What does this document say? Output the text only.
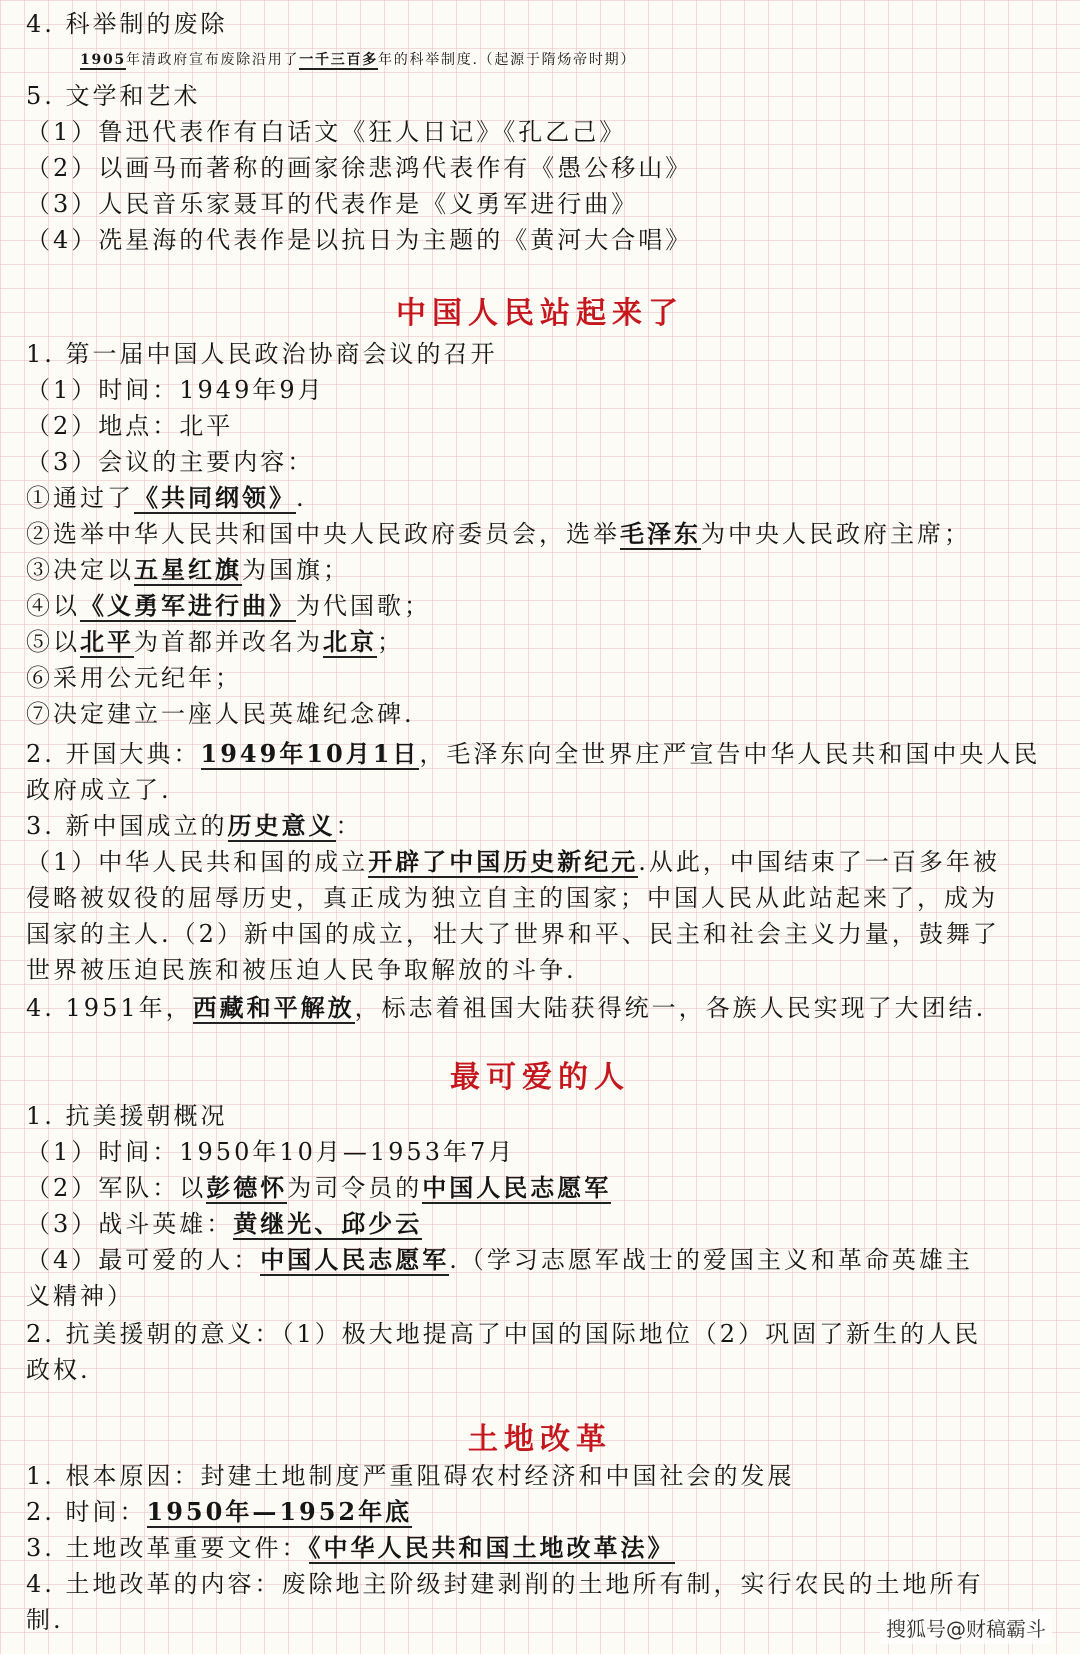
4. 科举制的废除
1905年清政府宣布废除沿用了一千三百多年的科举制度.（起源于隋炀帝时期）
5. 文学和艺术
（1）鲁迅代表作有白话文《狂人日记》《孔乙己》
（2）以画马而著称的画家徐悲鸿代表作有《愚公移山》
（3）人民音乐家聂耳的代表作是《义勇军进行曲》
（4）冼星海的代表作是以抗日为主题的《黄河大合唱》
中国人民站起来了
1. 第一届中国人民政治协商会议的召开
（1）时间：1949年9月
（2）地点：北平
（3）会议的主要内容：
①通过了《共同纲领》.
②选举中华人民共和国中央人民政府委员会，选举毛泽东为中央人民政府主席；
③决定以五星红旗为国旗；
④以《义勇军进行曲》为代国歌；
⑤以北平为首都并改名为北京；
⑥采用公元纪年；
⑦决定建立一座人民英雄纪念碑.
2. 开国大典：1949年10月1日，毛泽东向全世界庄严宣告中华人民共和国中央人民
政府成立了.
3. 新中国成立的历史意义：
（1）中华人民共和国的成立开辟了中国历史新纪元.从此，中国结束了一百多年被
侵略被奴役的屈辱历史，真正成为独立自主的国家；中国人民从此站起来了，成为
国家的主人.（2）新中国的成立，壮大了世界和平、民主和社会主义力量，鼓舞了
世界被压迫民族和被压迫人民争取解放的斗争.
4. 1951年，西藏和平解放，标志着祖国大陆获得统一，各族人民实现了大团结.
最可爱的人
1. 抗美援朝概况
（1）时间：1950年10月—1953年7月
（2）军队：以彭德怀为司令员的中国人民志愿军
（3）战斗英雄：黄继光、邱少云
（4）最可爱的人：中国人民志愿军.（学习志愿军战士的爱国主义和革命英雄主
义精神）
2. 抗美援朝的意义：（1）极大地提高了中国的国际地位（2）巩固了新生的人民
政权.
土地改革
1. 根本原因：封建土地制度严重阻碍农村经济和中国社会的发展
2. 时间：1950年—1952年底
3. 土地改革重要文件：《中华人民共和国土地改革法》
4. 土地改革的内容：废除地主阶级封建剥削的土地所有制，实行农民的土地所有
制.	搜狐号@财稿霸斗
